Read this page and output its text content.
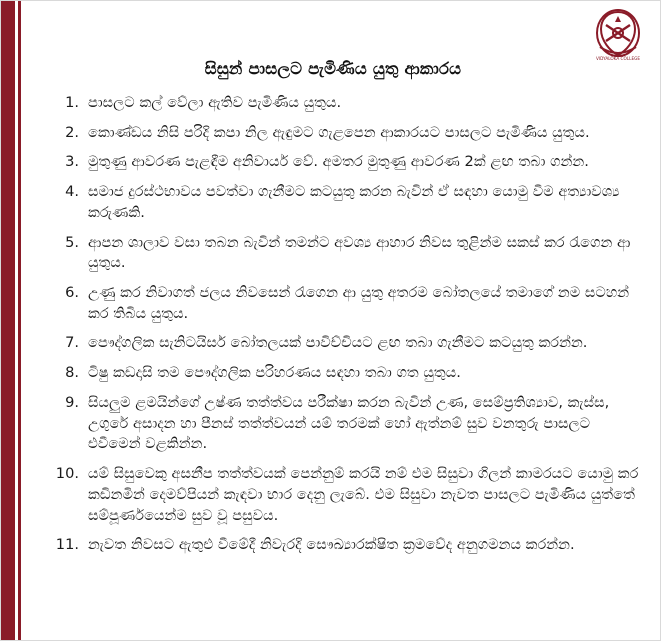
VIDYALOKA COLLEGE
සිසුන් පාසලට පැමිණිය යුතු ආකාරය
1. පාසලට කල් වේලා ඇතිව පැමිණිය යුතුය.
2. කොණ්ඩය නිසි පරිදි කපා නිල ඇඳුමට ගැළපෙන ආකාරයට පාසලට පැමිණිය යුතුය.
3. මුතුණු ආවරණ පැළඳීම අනිවාර්ය වේ. අමතර මුතුණු ආවරණ 2ක් ළඟ තබා ගන්න.
4. සමාජ දුරස්ථභාවය පවත්වා ගැනීමට කටයුතු කරන බැවින් ඒ සඳහා යොමු වීම අත්‍යාවශ්‍ය කරුණකි.
5. ආපන ශාලාව වසා තබන බැවින් තමන්ට අවශ්‍ය ආහාර නිවස තුළින්ම සකස් කර රැගෙන ආ යුතුය.
6. උණු කර නිවාගත් ජලය නිවසෙන් රැගෙන ආ යුතු අතරම බෝතලයේ තමාගේ නම සටහන් කර තිබිය යුතුය.
7. පෞද්ගලික සැනිටයිසර් බෝතලයක් පාවිච්චියට ළඟ තබා ගැනීමට කටයුතු කරන්න.
8. ටිෂු කඩදාසි තම පෞද්ගලික පරිහරණය සඳහා තබා ගත යුතුය.
9. සියලුම ළමයින්ගේ උෂ්ණ තත්ත්වය පරීක්ෂා කරන බැවින් උණ, සෙම්ප්‍රතිශ්‍යාව, කැස්ස, උගුරේ අසාදන හා පීනස් තත්ත්වයන් යම් තරමක් හෝ ඇත්නම් සුව වනතුරු පාසලට එවීමෙන් වළකින්න.
10. යම් සිසුවෙකු අසනීප තත්ත්වයක් පෙන්නුම් කරයි නම් එම සිසුවා ගිලන් කාමරයට යොමු කර කඩිනමින් දෙමව්පියන් කැඳවා භාර දෙනු ලැබේ. එම සිසුවා නැවත පාසලට පැමිණිය යුත්තේ සම්පූර්ණයෙන්ම සුව වූ පසුවය.
11. නැවත නිවසට ඇතුළු වීමේදී නිවැරදි සෞඛ්‍යාරක්ෂිත ක්‍රමවේද අනුගමනය කරන්න.
